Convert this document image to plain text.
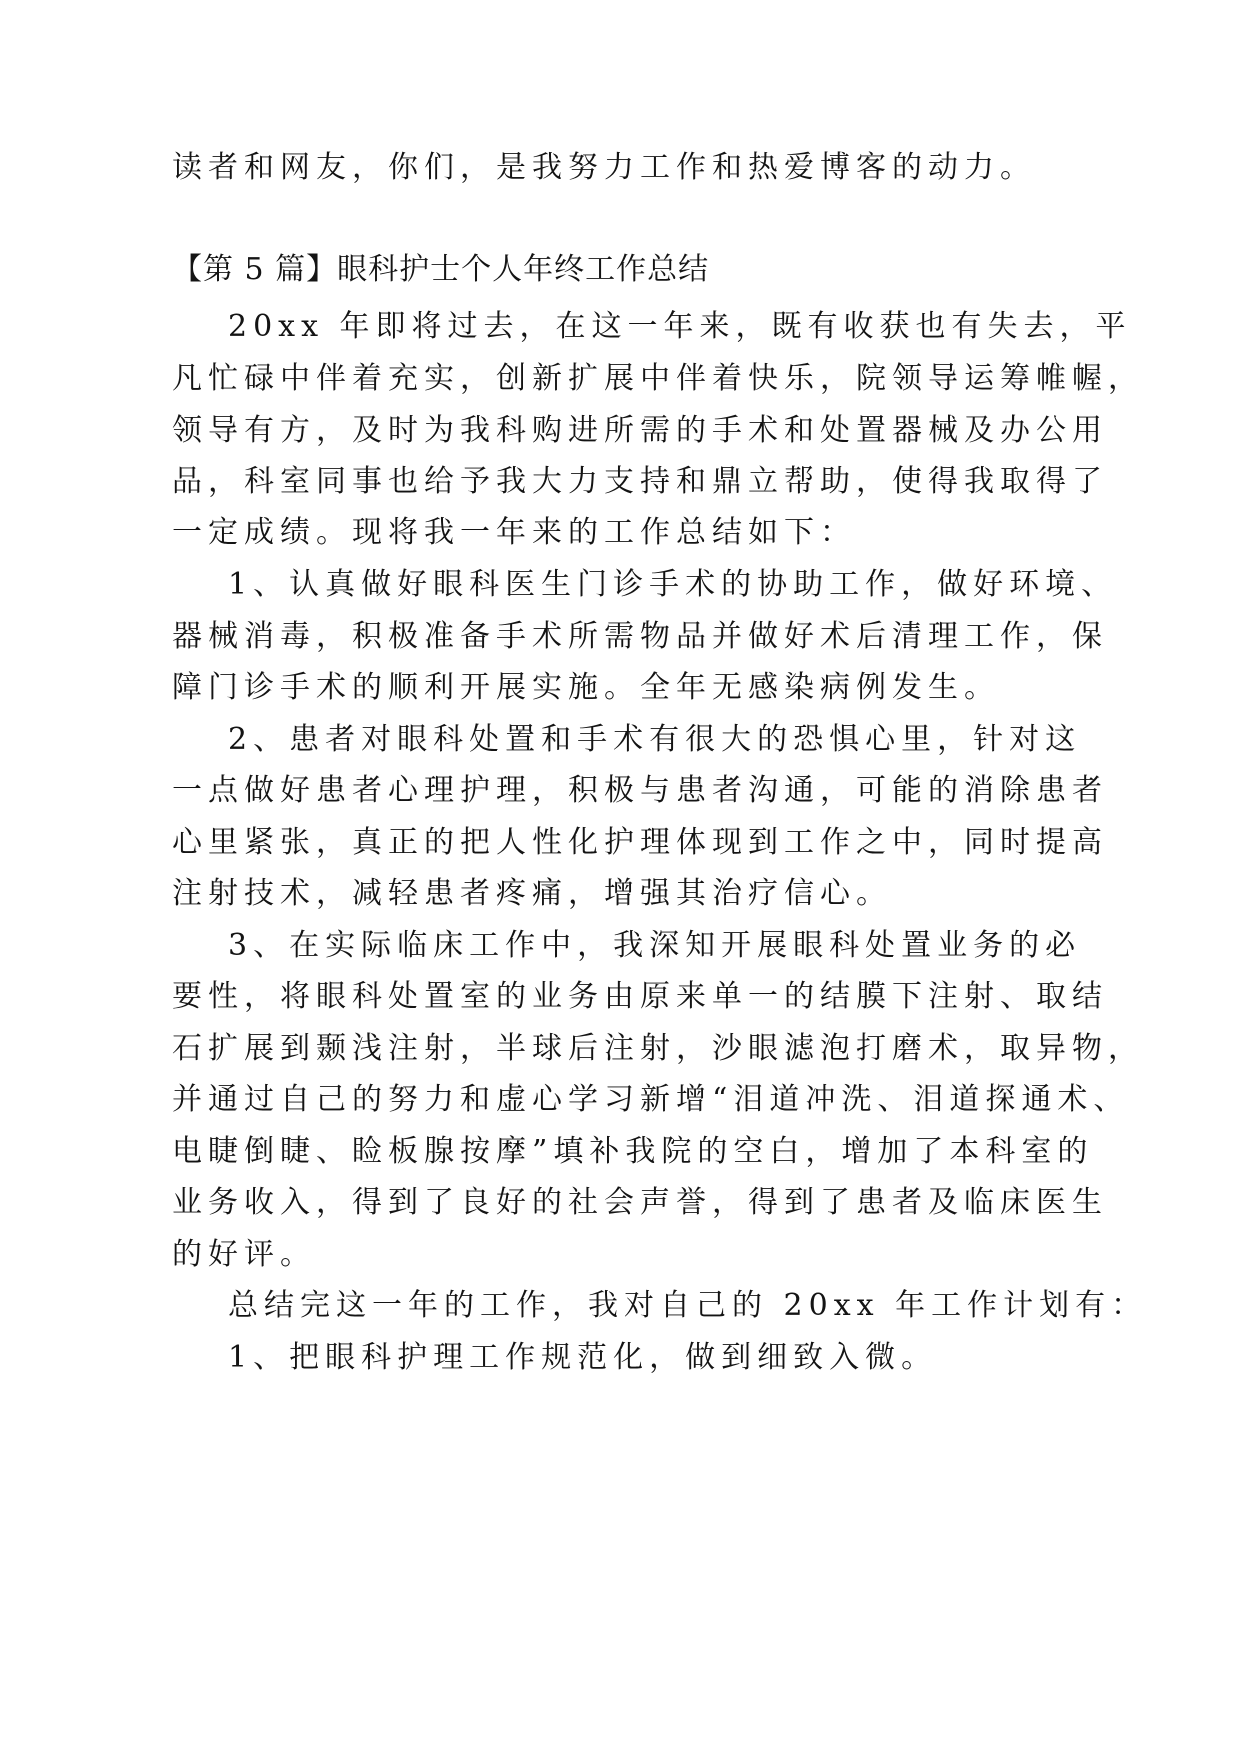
读者和网友，你们，是我努力工作和热爱博客的动力。
【第 5 篇】眼科护士个人年终工作总结
20xx 年即将过去，在这一年来，既有收获也有失去，平
凡忙碌中伴着充实，创新扩展中伴着快乐，院领导运筹帷幄，
领导有方，及时为我科购进所需的手术和处置器械及办公用
品，科室同事也给予我大力支持和鼎立帮助，使得我取得了
一定成绩。现将我一年来的工作总结如下：
1、认真做好眼科医生门诊手术的协助工作，做好环境、
器械消毒，积极准备手术所需物品并做好术后清理工作，保
障门诊手术的顺利开展实施。全年无感染病例发生。
2、患者对眼科处置和手术有很大的恐惧心里，针对这
一点做好患者心理护理，积极与患者沟通，可能的消除患者
心里紧张，真正的把人性化护理体现到工作之中，同时提高
注射技术，减轻患者疼痛，增强其治疗信心。
3、在实际临床工作中，我深知开展眼科处置业务的必
要性，将眼科处置室的业务由原来单一的结膜下注射、取结
石扩展到颞浅注射，半球后注射，沙眼滤泡打磨术，取异物，
并通过自己的努力和虚心学习新增“泪道冲洗、泪道探通术、
电睫倒睫、睑板腺按摩”填补我院的空白，增加了本科室的
业务收入，得到了良好的社会声誉，得到了患者及临床医生
的好评。
总结完这一年的工作，我对自己的 20xx 年工作计划有：
1、把眼科护理工作规范化，做到细致入微。
